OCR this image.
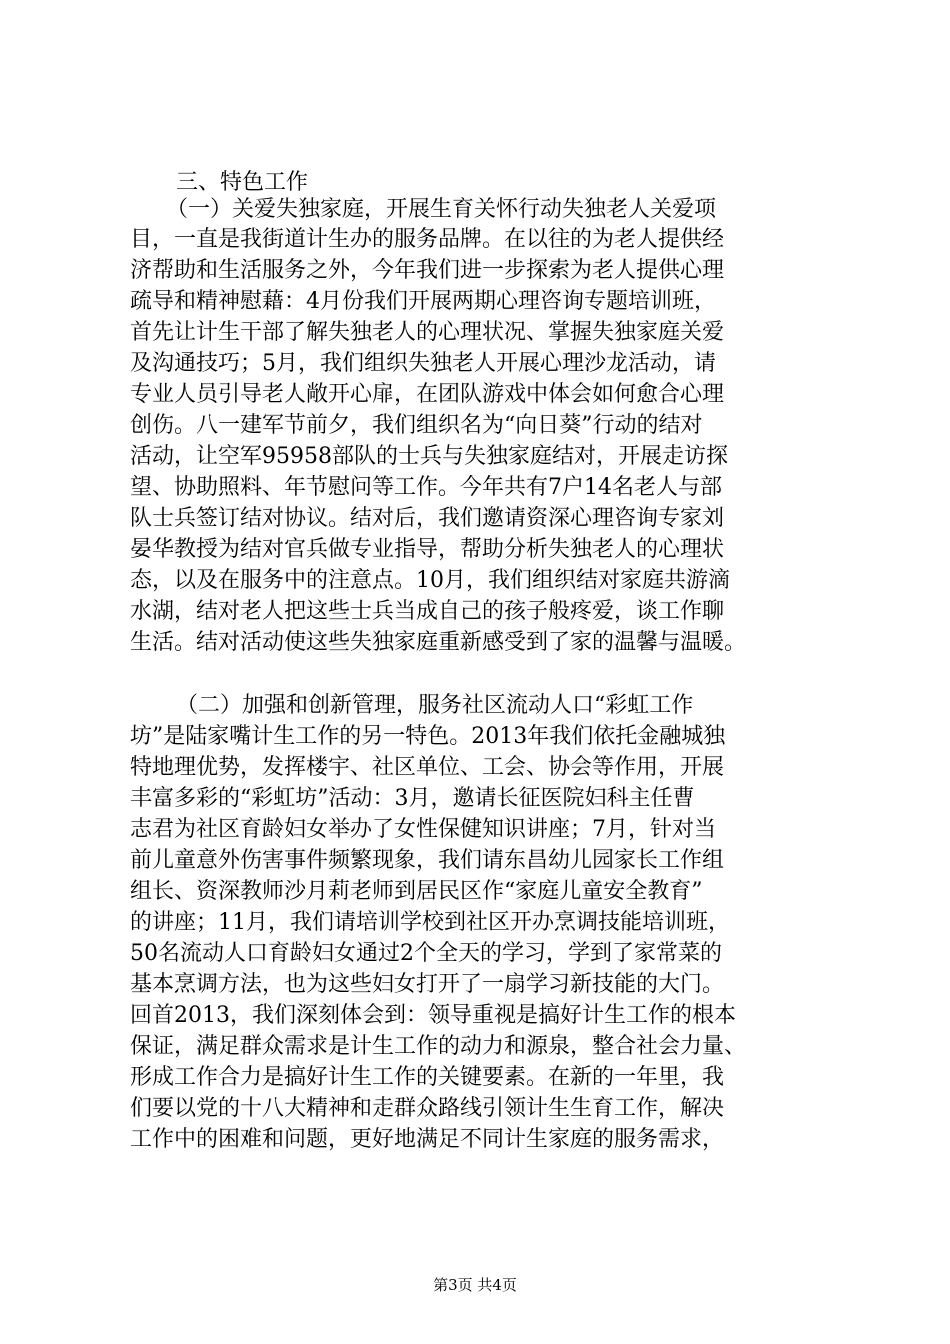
三、特色工作
（一）关爱失独家庭，开展生育关怀行动失独老人关爱项
目，一直是我街道计生办的服务品牌。在以往的为老人提供经
济帮助和生活服务之外，今年我们进一步探索为老人提供心理
疏导和精神慰藉：4月份我们开展两期心理咨询专题培训班，
首先让计生干部了解失独老人的心理状况、掌握失独家庭关爱
及沟通技巧；5月，我们组织失独老人开展心理沙龙活动，请
专业人员引导老人敞开心扉，在团队游戏中体会如何愈合心理
创伤。八一建军节前夕，我们组织名为“向日葵”行动的结对
活动，让空军95958部队的士兵与失独家庭结对，开展走访探
望、协助照料、年节慰问等工作。今年共有7户14名老人与部
队士兵签订结对协议。结对后，我们邀请资深心理咨询专家刘
晏华教授为结对官兵做专业指导，帮助分析失独老人的心理状
态，以及在服务中的注意点。10月，我们组织结对家庭共游滴
水湖，结对老人把这些士兵当成自己的孩子般疼爱，谈工作聊
生活。结对活动使这些失独家庭重新感受到了家的温馨与温暖。
（二）加强和创新管理，服务社区流动人口“彩虹工作
坊”是陆家嘴计生工作的另一特色。2013年我们依托金融城独
特地理优势，发挥楼宇、社区单位、工会、协会等作用，开展
丰富多彩的“彩虹坊”活动：3月，邀请长征医院妇科主任曹
志君为社区育龄妇女举办了女性保健知识讲座；7月，针对当
前儿童意外伤害事件频繁现象，我们请东昌幼儿园家长工作组
组长、资深教师沙月莉老师到居民区作“家庭儿童安全教育”
的讲座；11月，我们请培训学校到社区开办烹调技能培训班，
50名流动人口育龄妇女通过2个全天的学习，学到了家常菜的
基本烹调方法，也为这些妇女打开了一扇学习新技能的大门。
回首2013，我们深刻体会到：领导重视是搞好计生工作的根本
保证，满足群众需求是计生工作的动力和源泉，整合社会力量、
形成工作合力是搞好计生工作的关键要素。在新的一年里，我
们要以党的十八大精神和走群众路线引领计生生育工作，解决
工作中的困难和问题，更好地满足不同计生家庭的服务需求，
第3页 共4页
